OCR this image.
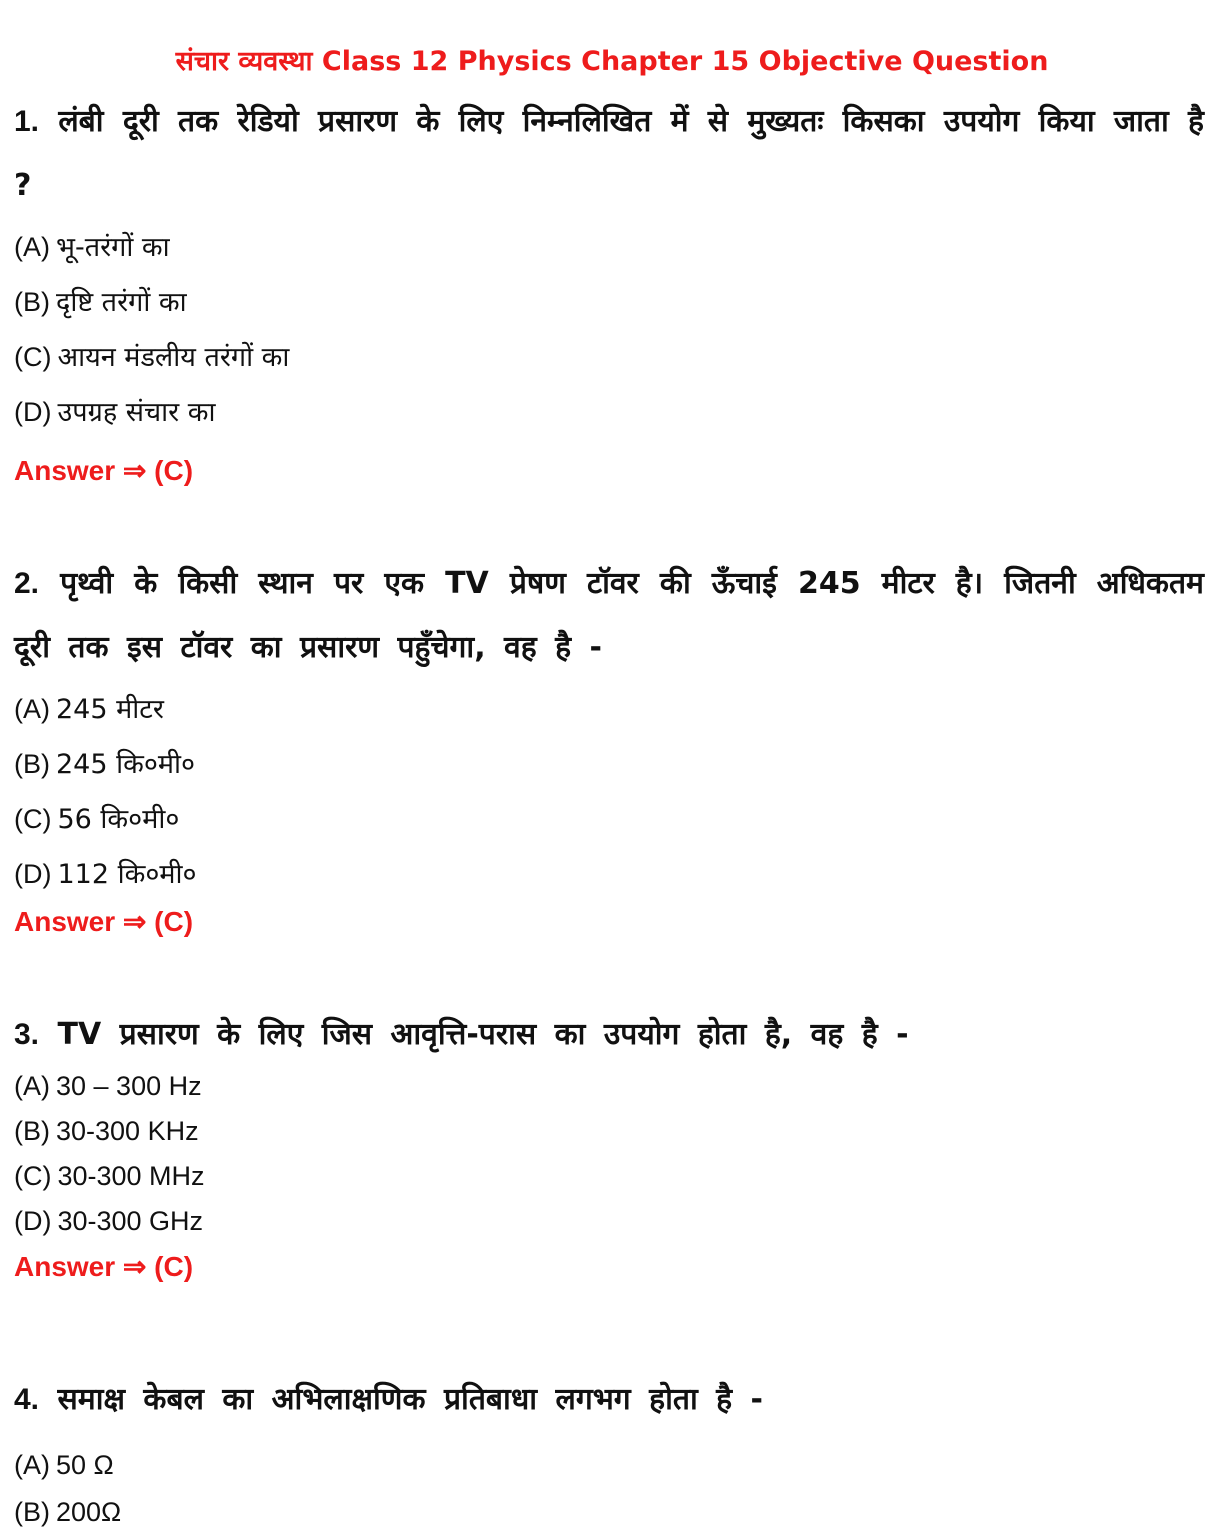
संचार व्यवस्था Class 12 Physics Chapter 15 Objective Question

1. लंबी दूरी तक रेडियो प्रसारण के लिए निम्नलिखित में से मुख्यतः किसका उपयोग किया जाता है ?

(A) भू-तरंगों का
(B) दृष्टि तरंगों का
(C) आयन मंडलीय तरंगों का
(D) उपग्रह संचार का
Answer ⇒ (C)

2. पृथ्वी के किसी स्थान पर एक TV प्रेषण टॉवर की ऊँचाई 245 मीटर है। जितनी अधिकतम दूरी तक इस टॉवर का प्रसारण पहुँचेगा, वह है -

(A) 245 मीटर
(B) 245 कि०मी०
(C) 56 कि०मी०
(D) 112 कि०मी०
Answer ⇒ (C)

3. TV प्रसारण के लिए जिस आवृत्ति-परास का उपयोग होता है, वह है -

(A) 30 – 300 Hz
(B) 30-300 KHz
(C) 30-300 MHz
(D) 30-300 GHz
Answer ⇒ (C)

4. समाक्ष केबल का अभिलाक्षणिक प्रतिबाधा लगभग होता है -

(A) 50 Ω
(B) 200Ω
